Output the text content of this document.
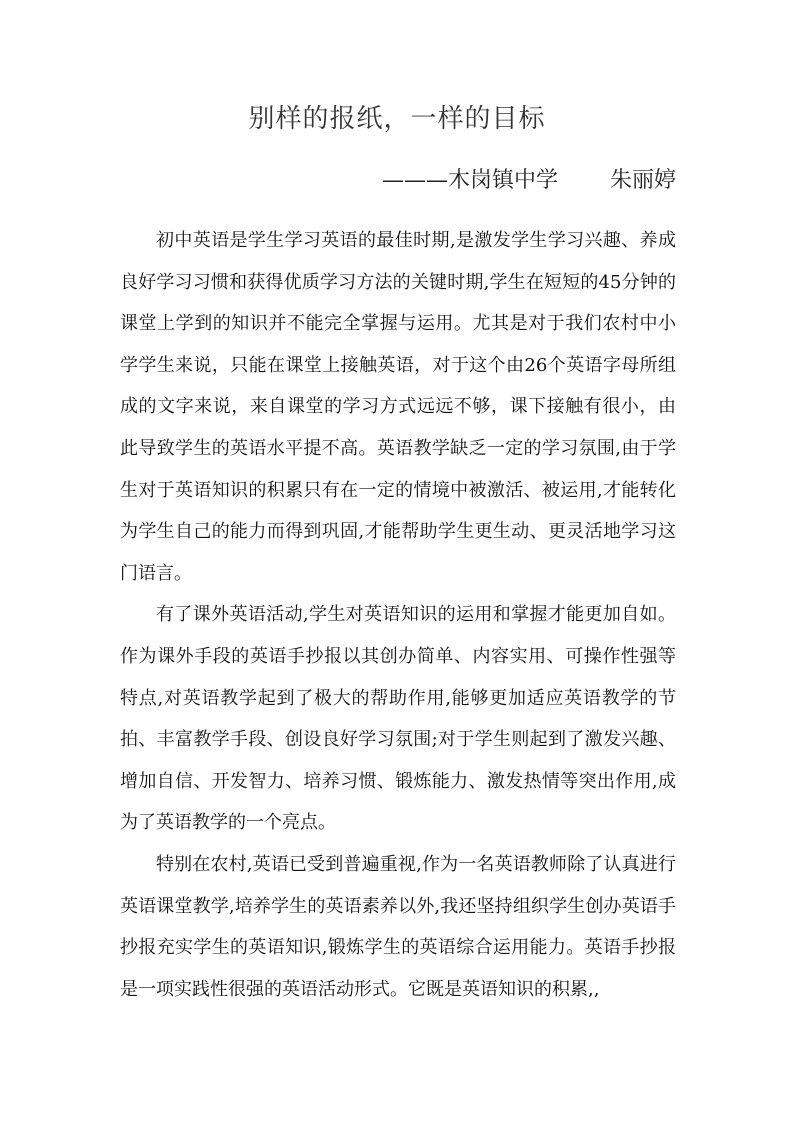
别样的报纸，一样的目标
———木岗镇中学 朱丽婷

初中英语是学生学习英语的最佳时期,是激发学生学习兴趣、养成良好学习习惯和获得优质学习方法的关键时期,学生在短短的45分钟的课堂上学到的知识并不能完全掌握与运用。尤其是对于我们农村中小学学生来说，只能在课堂上接触英语，对于这个由26个英语字母所组成的文字来说，来自课堂的学习方式远远不够，课下接触有很小，由此导致学生的英语水平提不高。英语教学缺乏一定的学习氛围,由于学生对于英语知识的积累只有在一定的情境中被激活、被运用,才能转化为学生自己的能力而得到巩固,才能帮助学生更生动、更灵活地学习这门语言。

有了课外英语活动,学生对英语知识的运用和掌握才能更加自如。作为课外手段的英语手抄报以其创办简单、内容实用、可操作性强等特点,对英语教学起到了极大的帮助作用,能够更加适应英语教学的节拍、丰富教学手段、创设良好学习氛围;对于学生则起到了激发兴趣、增加自信、开发智力、培养习惯、锻炼能力、激发热情等突出作用,成为了英语教学的一个亮点。

特别在农村,英语已受到普遍重视,作为一名英语教师除了认真进行英语课堂教学,培养学生的英语素养以外,我还坚持组织学生创办英语手抄报充实学生的英语知识,锻炼学生的英语综合运用能力。英语手抄报是一项实践性很强的英语活动形式。它既是英语知识的积累,,
